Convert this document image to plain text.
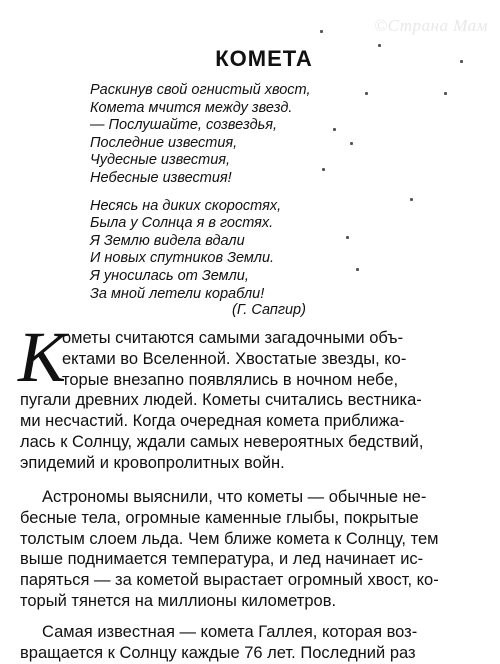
©Страна Мам
КОМЕТА
Раскинув свой огнистый хвост,
Комета мчится между звезд.
— Послушайте, созвездья,
Последние известия,
Чудесные известия,
Небесные известия!
Несясь на диких скоростях,
Была у Солнца я в гостях.
Я Землю видела вдали
И новых спутников Земли.
Я уносилась от Земли,
За мной летели корабли!
(Г. Сапгир)
К
ометы считаются самыми загадочными объ-
ектами во Вселенной. Хвостатые звезды, ко-
торые внезапно появлялись в ночном небе,
пугали древних людей. Кометы считались вестника-
ми несчастий. Когда очередная комета приближа-
лась к Солнцу, ждали самых невероятных бедствий,
эпидемий и кровопролитных войн.
Астрономы выяснили, что кометы — обычные не-
бесные тела, огромные каменные глыбы, покрытые
толстым слоем льда. Чем ближе комета к Солнцу, тем
выше поднимается температура, и лед начинает ис-
паряться — за кометой вырастает огромный хвост, ко-
торый тянется на миллионы километров.
Самая известная — комета Галлея, которая воз-
вращается к Солнцу каждые 76 лет. Последний раз
